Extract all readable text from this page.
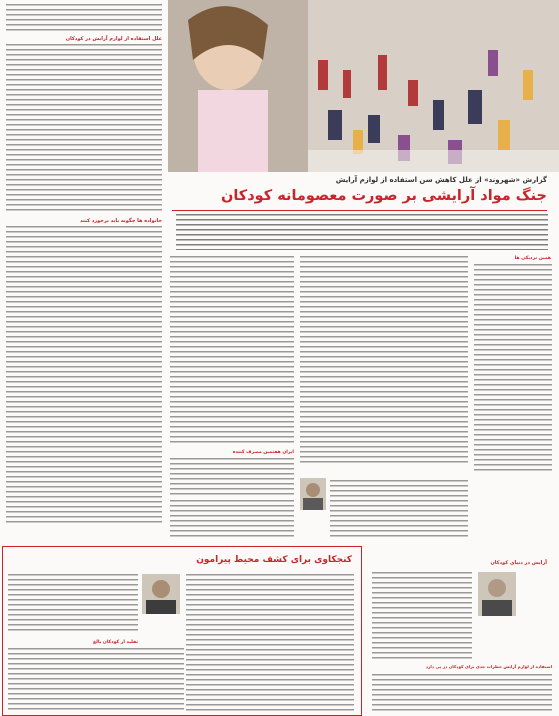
گزارش «شهروند» از علل کاهش سن استفاده از لوازم آرایش
جنگ مواد آرایشی بر صورت معصومانه کودکان
علل استفاده از لوازم آرایش در کودکان
خانواده ها چگونه باید برخورد کنند
همین نزدیکی ها
ایران هفتمین مصرف کننده
کنجکاوی برای کشف محیط پیرامون
تقلید از کودکان بالغ
آرایش در دنیای کودکان
استفاده از لوازم آرایش خطرات جدی برای کودکان در پی دارد
